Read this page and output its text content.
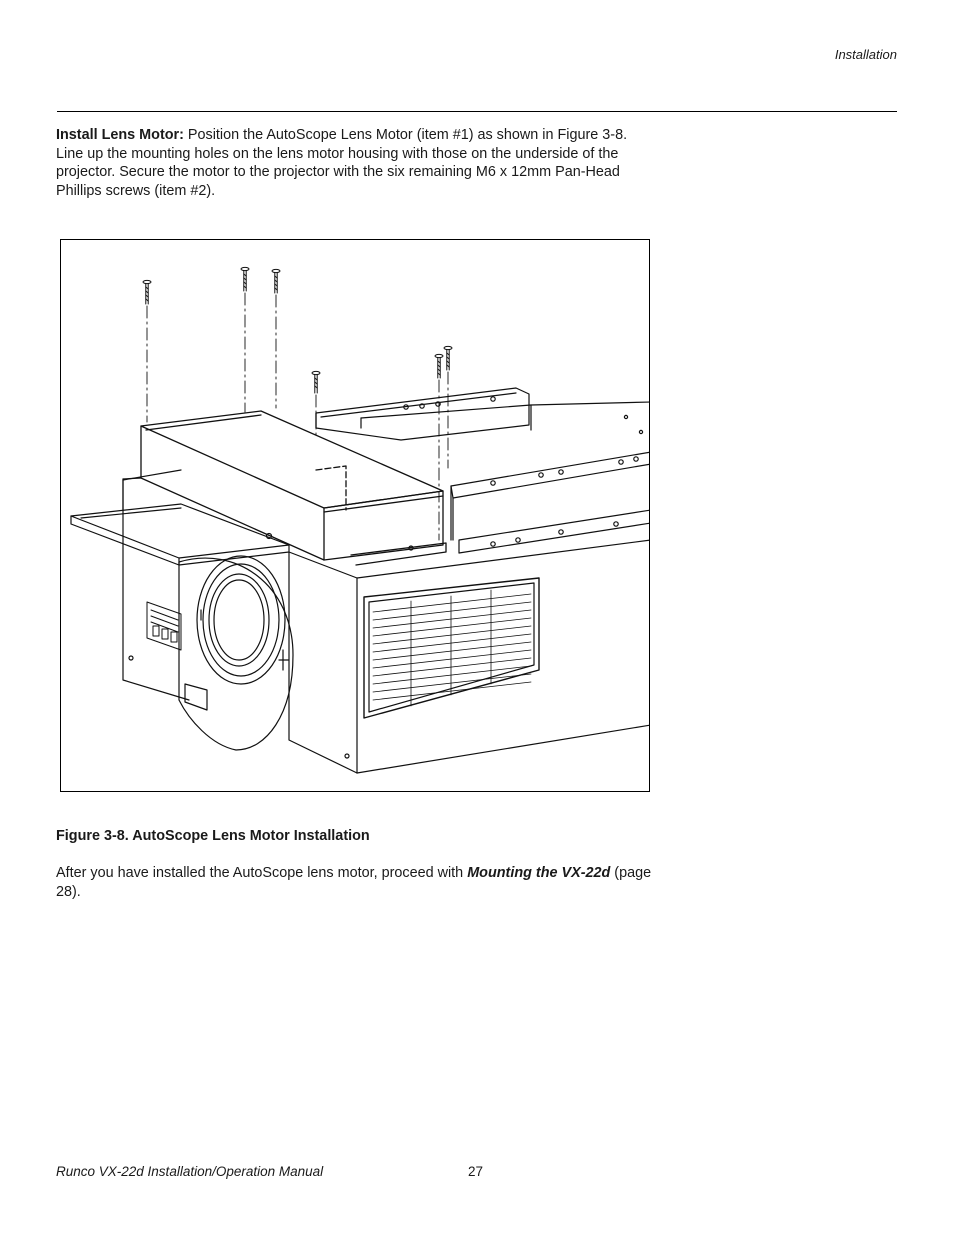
Installation

Install Lens Motor: Position the AutoScope Lens Motor (item #1) as shown in Figure 3-8. Line up the mounting holes on the lens motor housing with those on the underside of the projector. Secure the motor to the projector with the six remaining M6 x 12mm Pan-Head Phillips screws (item #2).

Figure 3-8. AutoScope Lens Motor Installation

After you have installed the AutoScope lens motor, proceed with Mounting the VX-22d (page 28).

Runco VX-22d Installation/Operation Manual	27
